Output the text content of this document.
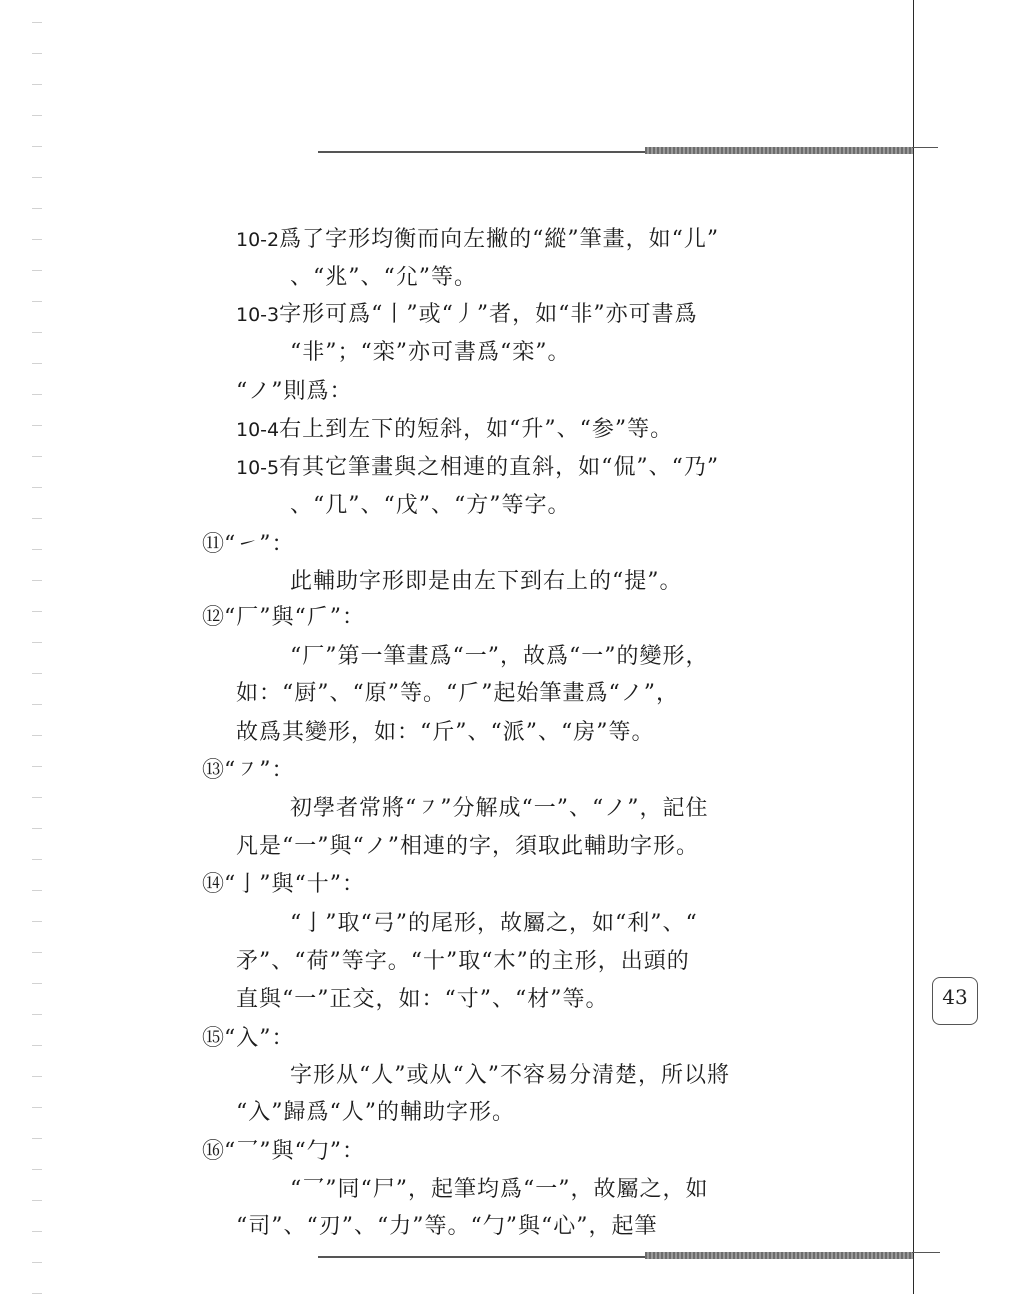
43
10-2爲了字形均衡而向左撇的“縱”筆畫，如“儿”
、“兆”、“尣”等。
10-3字形可爲“丨”或“丿”者，如“非”亦可書爲
“非”；“栾”亦可書爲“栾”。
“ノ”則爲：
10-4右上到左下的短斜，如“升”、“参”等。
10-5有其它筆畫與之相連的直斜，如“侃”、“乃”
、“几”、“戊”、“方”等字。
⑪“㇀”：
此輔助字形即是由左下到右上的“提”。
⑫“厂”與“𠂆”：
“厂”第一筆畫爲“一”，故爲“一”的變形，
如：“厨”、“原”等。“𠂆”起始筆畫爲“ノ”，
故爲其變形，如：“斤”、“派”、“房”等。
⑬“㇇”：
初學者常將“㇇”分解成“一”、“ノ”，記住
凡是“一”與“ノ”相連的字，須取此輔助字形。
⑭“亅”與“十”：
“亅”取“弓”的尾形，故屬之，如“利”、“
矛”、“荷”等字。“十”取“木”的主形，出頭的
直與“一”正交，如：“寸”、“材”等。
⑮“入”：
字形从“人”或从“入”不容易分清楚，所以將
“入”歸爲“人”的輔助字形。
⑯“乛”與“勹”：
“乛”同“尸”，起筆均爲“一”，故屬之，如
“司”、“刃”、“力”等。“勹”與“心”，起筆
